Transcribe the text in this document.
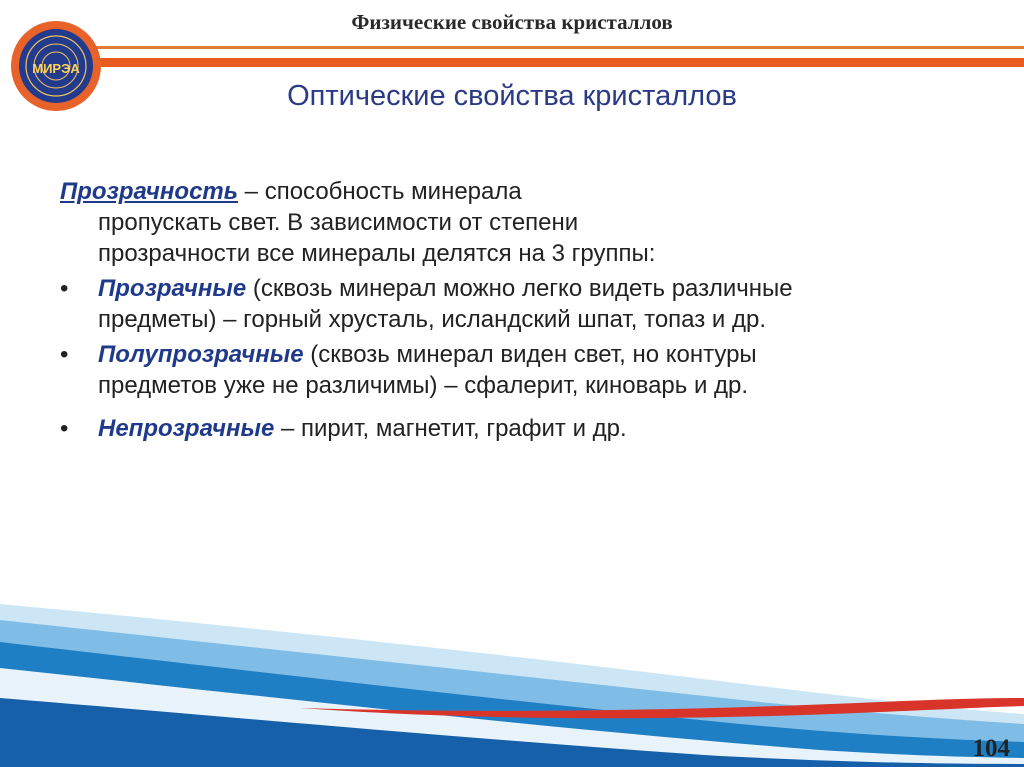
Физические свойства кристаллов
МИРЭА
Оптические свойства кристаллов
Прозрачность – способность минерала
пропускать свет. В зависимости от степени
прозрачности все минералы делятся на 3 группы:
• Прозрачные (сквозь минерал можно легко видеть различные
предметы) – горный хрусталь, исландский шпат, топаз и др.
• Полупрозрачные (сквозь минерал виден свет, но контуры
предметов уже не различимы) – сфалерит, киноварь и др.
• Непрозрачные – пирит, магнетит, графит и др.
104
